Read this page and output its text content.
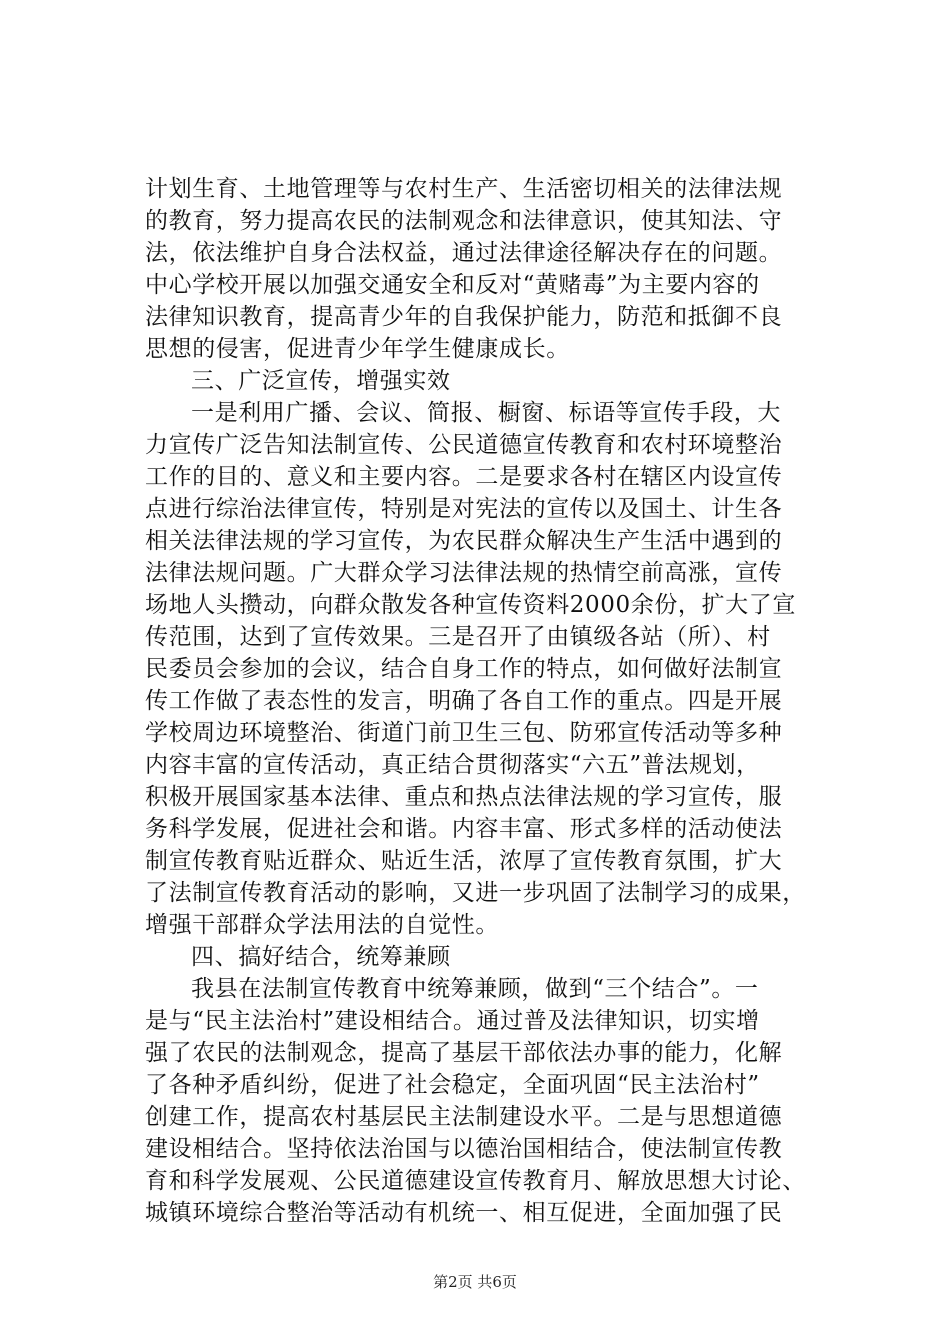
计划生育、土地管理等与农村生产、生活密切相关的法律法规
的教育，努力提高农民的法制观念和法律意识，使其知法、守
法，依法维护自身合法权益，通过法律途径解决存在的问题。
中心学校开展以加强交通安全和反对“黄赌毒”为主要内容的
法律知识教育，提高青少年的自我保护能力，防范和抵御不良
思想的侵害，促进青少年学生健康成长。
三、广泛宣传，增强实效
一是利用广播、会议、简报、橱窗、标语等宣传手段，大
力宣传广泛告知法制宣传、公民道德宣传教育和农村环境整治
工作的目的、意义和主要内容。二是要求各村在辖区内设宣传
点进行综治法律宣传，特别是对宪法的宣传以及国土、计生各
相关法律法规的学习宣传，为农民群众解决生产生活中遇到的
法律法规问题。广大群众学习法律法规的热情空前高涨，宣传
场地人头攒动，向群众散发各种宣传资料2000余份，扩大了宣
传范围，达到了宣传效果。三是召开了由镇级各站（所）、村
民委员会参加的会议，结合自身工作的特点，如何做好法制宣
传工作做了表态性的发言，明确了各自工作的重点。四是开展
学校周边环境整治、街道门前卫生三包、防邪宣传活动等多种
内容丰富的宣传活动，真正结合贯彻落实“六五”普法规划，
积极开展国家基本法律、重点和热点法律法规的学习宣传，服
务科学发展，促进社会和谐。内容丰富、形式多样的活动使法
制宣传教育贴近群众、贴近生活，浓厚了宣传教育氛围，扩大
了法制宣传教育活动的影响，又进一步巩固了法制学习的成果，
增强干部群众学法用法的自觉性。
四、搞好结合，统筹兼顾
我县在法制宣传教育中统筹兼顾，做到“三个结合”。一
是与“民主法治村”建设相结合。通过普及法律知识，切实增
强了农民的法制观念，提高了基层干部依法办事的能力，化解
了各种矛盾纠纷，促进了社会稳定，全面巩固“民主法治村”
创建工作，提高农村基层民主法制建设水平。二是与思想道德
建设相结合。坚持依法治国与以德治国相结合，使法制宣传教
育和科学发展观、公民道德建设宣传教育月、解放思想大讨论、
城镇环境综合整治等活动有机统一、相互促进，全面加强了民
第2页 共6页
